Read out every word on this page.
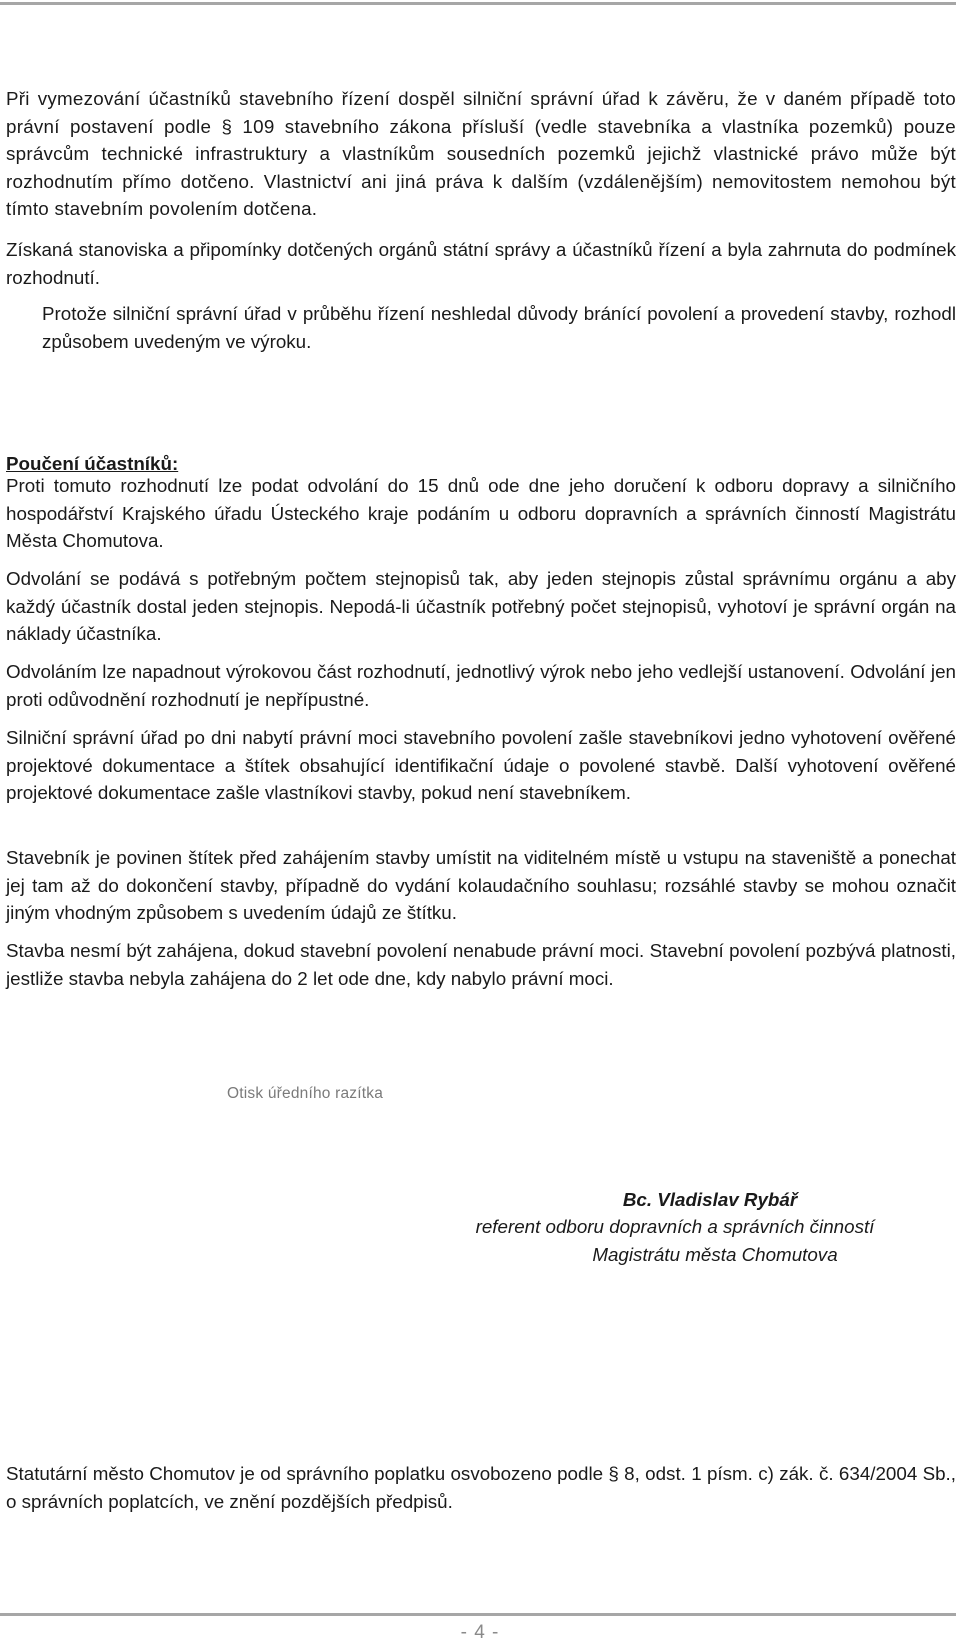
Při vymezování účastníků stavebního řízení dospěl silniční správní úřad k závěru, že v daném případě toto právní postavení podle § 109 stavebního zákona přísluší (vedle stavebníka a vlastníka pozemků) pouze správcům technické infrastruktury a vlastníkům sousedních pozemků jejichž vlastnické právo může být rozhodnutím přímo dotčeno. Vlastnictví ani jiná práva k dalším (vzdálenějším) nemovitostem nemohou být tímto stavebním povolením dotčena.

Získaná stanoviska a připomínky dotčených orgánů státní správy a účastníků řízení a byla zahrnuta do podmínek rozhodnutí.

Protože silniční správní úřad v průběhu řízení neshledal důvody bránící povolení a provedení stavby, rozhodl způsobem uvedeným ve výroku.

Poučení účastníků:

Proti tomuto rozhodnutí lze podat odvolání do 15 dnů ode dne jeho doručení k odboru dopravy a silničního hospodářství Krajského úřadu Ústeckého kraje podáním u odboru dopravních a správních činností Magistrátu Města Chomutova.

Odvolání se podává s potřebným počtem stejnopisů tak, aby jeden stejnopis zůstal správnímu orgánu a aby každý účastník dostal jeden stejnopis. Nepodá-li účastník potřebný počet stejnopisů, vyhotoví je správní orgán na náklady účastníka.

Odvoláním lze napadnout výrokovou část rozhodnutí, jednotlivý výrok nebo jeho vedlejší ustanovení. Odvolání jen proti odůvodnění rozhodnutí je nepřípustné.

Silniční správní úřad po dni nabytí právní moci stavebního povolení zašle stavebníkovi jedno vyhotovení ověřené projektové dokumentace a štítek obsahující identifikační údaje o povolené stavbě. Další vyhotovení ověřené projektové dokumentace zašle vlastníkovi stavby, pokud není stavebníkem.

Stavebník je povinen štítek před zahájením stavby umístit na viditelném místě u vstupu na staveniště a ponechat jej tam až do dokončení stavby, případně do vydání kolaudačního souhlasu; rozsáhlé stavby se mohou označit jiným vhodným způsobem s uvedením údajů ze štítku.

Stavba nesmí být zahájena, dokud stavební povolení nenabude právní moci. Stavební povolení pozbývá platnosti, jestliže stavba nebyla zahájena do 2 let ode dne, kdy nabylo právní moci.

Otisk úředního razítka
Bc. Vladislav Rybář
referent odboru dopravních a správních činností
Magistrátu města Chomutova

Statutární město Chomutov je od správního poplatku osvobozeno podle § 8, odst. 1 písm. c) zák. č. 634/2004 Sb., o správních poplatcích, ve znění pozdějších předpisů.

- 4 -
